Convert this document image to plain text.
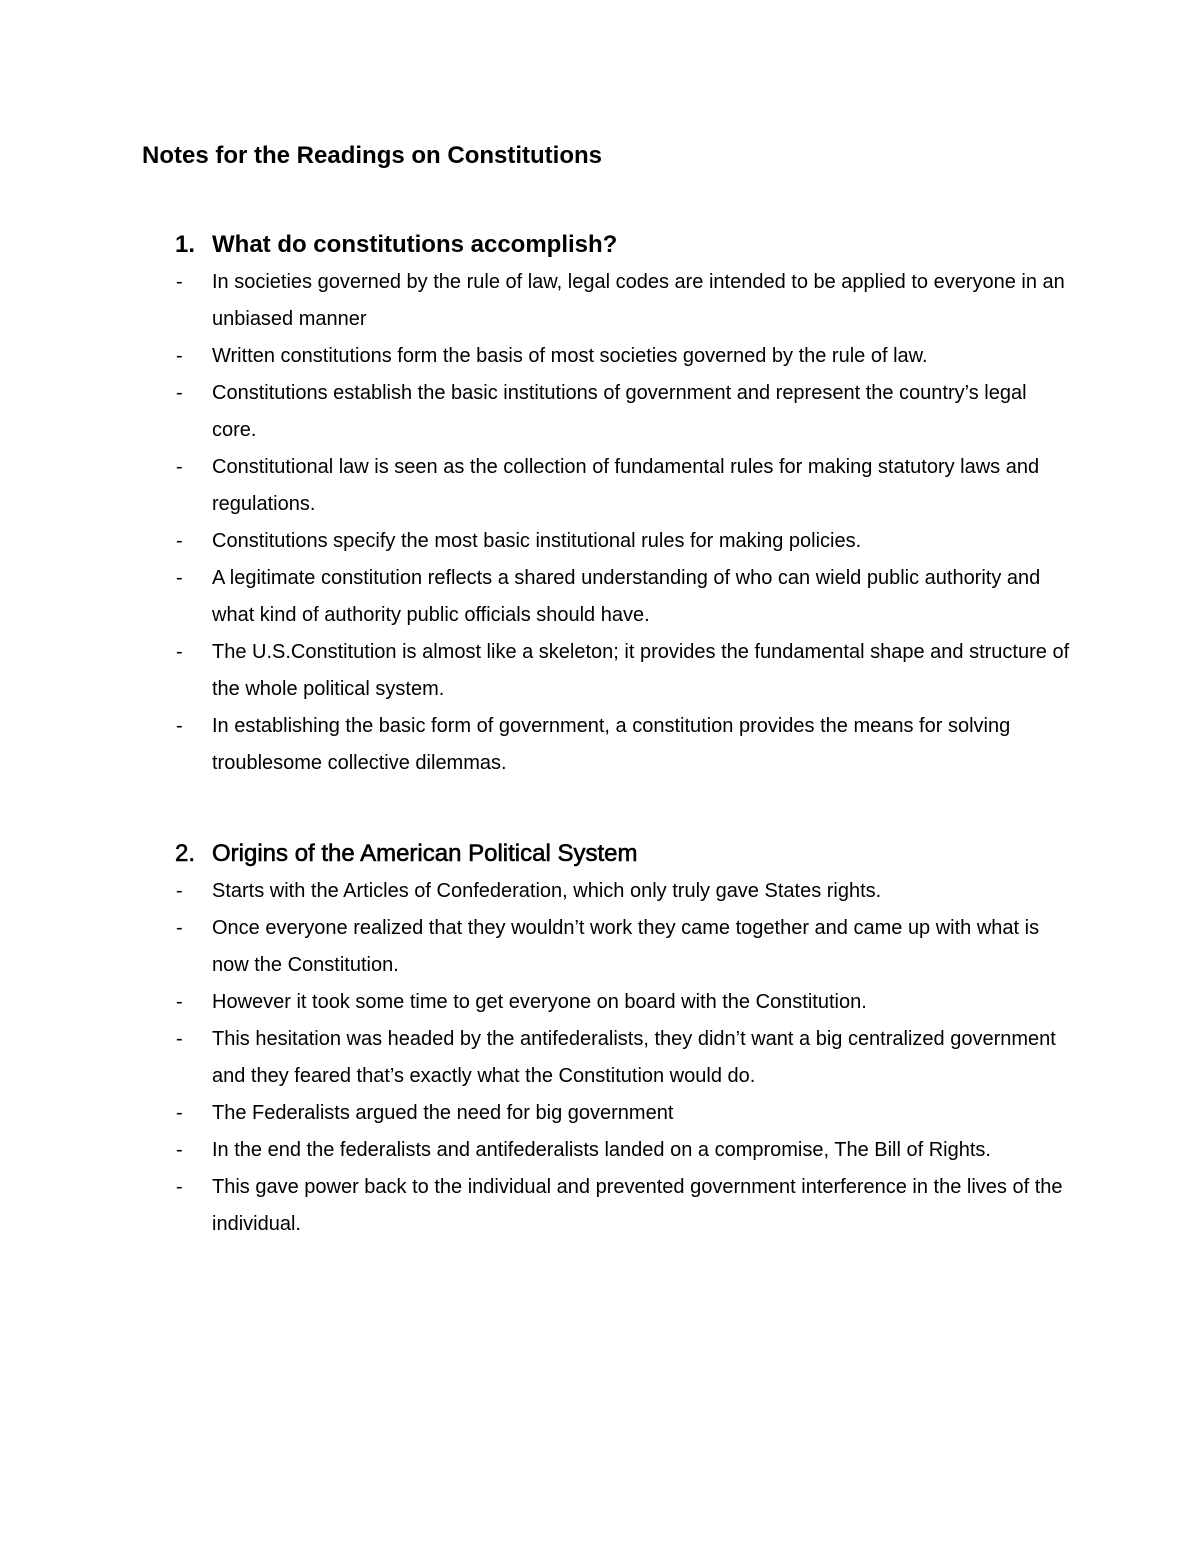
Notes for the Readings on Constitutions
1. What do constitutions accomplish?
- In societies governed by the rule of law, legal codes are intended to be applied to everyone in an unbiased manner
- Written constitutions form the basis of most societies governed by the rule of law.
- Constitutions establish the basic institutions of government and represent the country’s legal core.
- Constitutional law is seen as the collection of fundamental rules for making statutory laws and regulations.
- Constitutions specify the most basic institutional rules for making policies.
- A legitimate constitution reflects a shared understanding of who can wield public authority and what kind of authority public officials should have.
- The U.S.Constitution is almost like a skeleton; it provides the fundamental shape and structure of the whole political system.
- In establishing the basic form of government, a constitution provides the means for solving troublesome collective dilemmas.
2. Origins of the American Political System
- Starts with the Articles of Confederation, which only truly gave States rights.
- Once everyone realized that they wouldn’t work they came together and came up with what is now the Constitution.
- However it took some time to get everyone on board with the Constitution.
- This hesitation was headed by the antifederalists, they didn’t want a big centralized government and they feared that’s exactly what the Constitution would do.
- The Federalists argued the need for big government
- In the end the federalists and antifederalists landed on a compromise, The Bill of Rights.
- This gave power back to the individual and prevented government interference in the lives of the individual.
